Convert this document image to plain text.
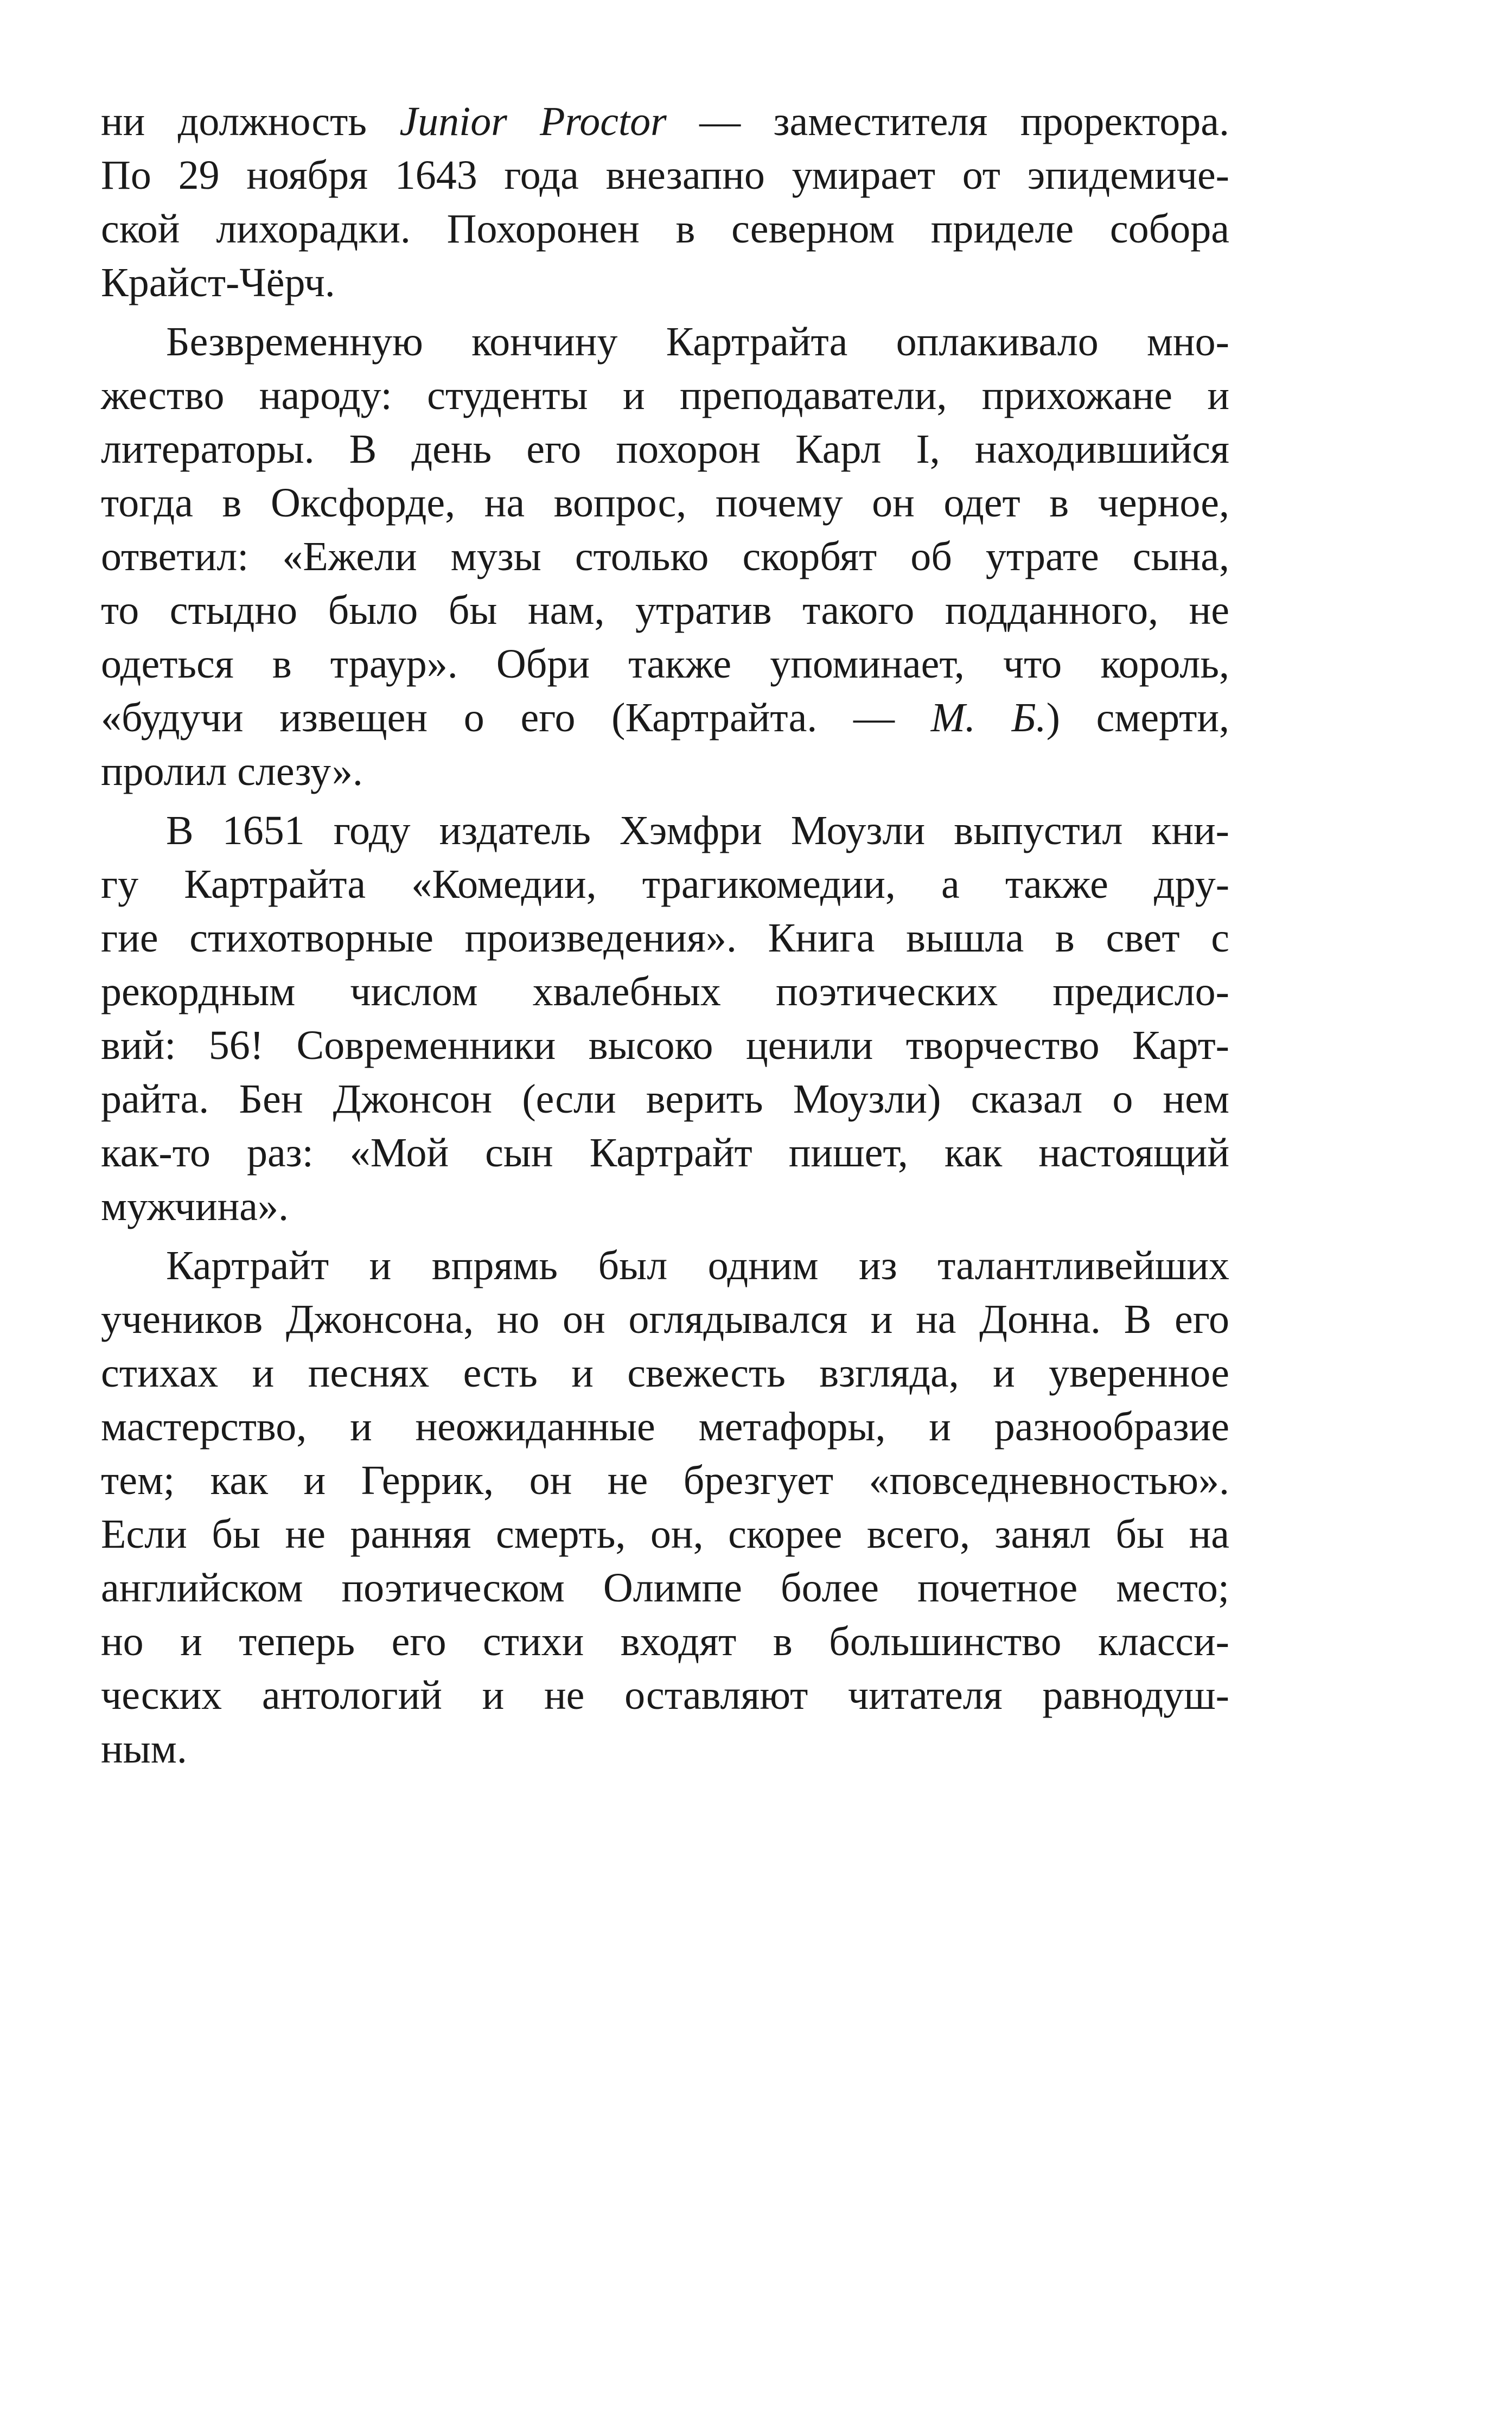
ни должность Junior Proctor — заместителя проректора.
По 29 ноября 1643 года внезапно умирает от эпидемиче-
ской лихорадки. Похоронен в северном приделе собора
Крайст-Чёрч.
Безвременную кончину Картрайта оплакивало мно-
жество народу: студенты и преподаватели, прихожане и
литераторы. В день его похорон Карл I, находившийся
тогда в Оксфорде, на вопрос, почему он одет в черное,
ответил: «Ежели музы столько скорбят об утрате сына,
то стыдно было бы нам, утратив такого подданного, не
одеться в траур». Обри также упоминает, что король,
«будучи извещен о его (Картрайта. — М. Б.) смерти,
пролил слезу».
В 1651 году издатель Хэмфри Моузли выпустил кни-
гу Картрайта «Комедии, трагикомедии, а также дру-
гие стихотворные произведения». Книга вышла в свет с
рекордным числом хвалебных поэтических предисло-
вий: 56! Современники высоко ценили творчество Карт-
райта. Бен Джонсон (если верить Моузли) сказал о нем
как-то раз: «Мой сын Картрайт пишет, как настоящий
мужчина».
Картрайт и впрямь был одним из талантливейших
учеников Джонсона, но он оглядывался и на Донна. В его
стихах и песнях есть и свежесть взгляда, и уверенное
мастерство, и неожиданные метафоры, и разнообразие
тем; как и Геррик, он не брезгует «повседневностью».
Если бы не ранняя смерть, он, скорее всего, занял бы на
английском поэтическом Олимпе более почетное место;
но и теперь его стихи входят в большинство класси-
ческих антологий и не оставляют читателя равнодуш-
ным.
